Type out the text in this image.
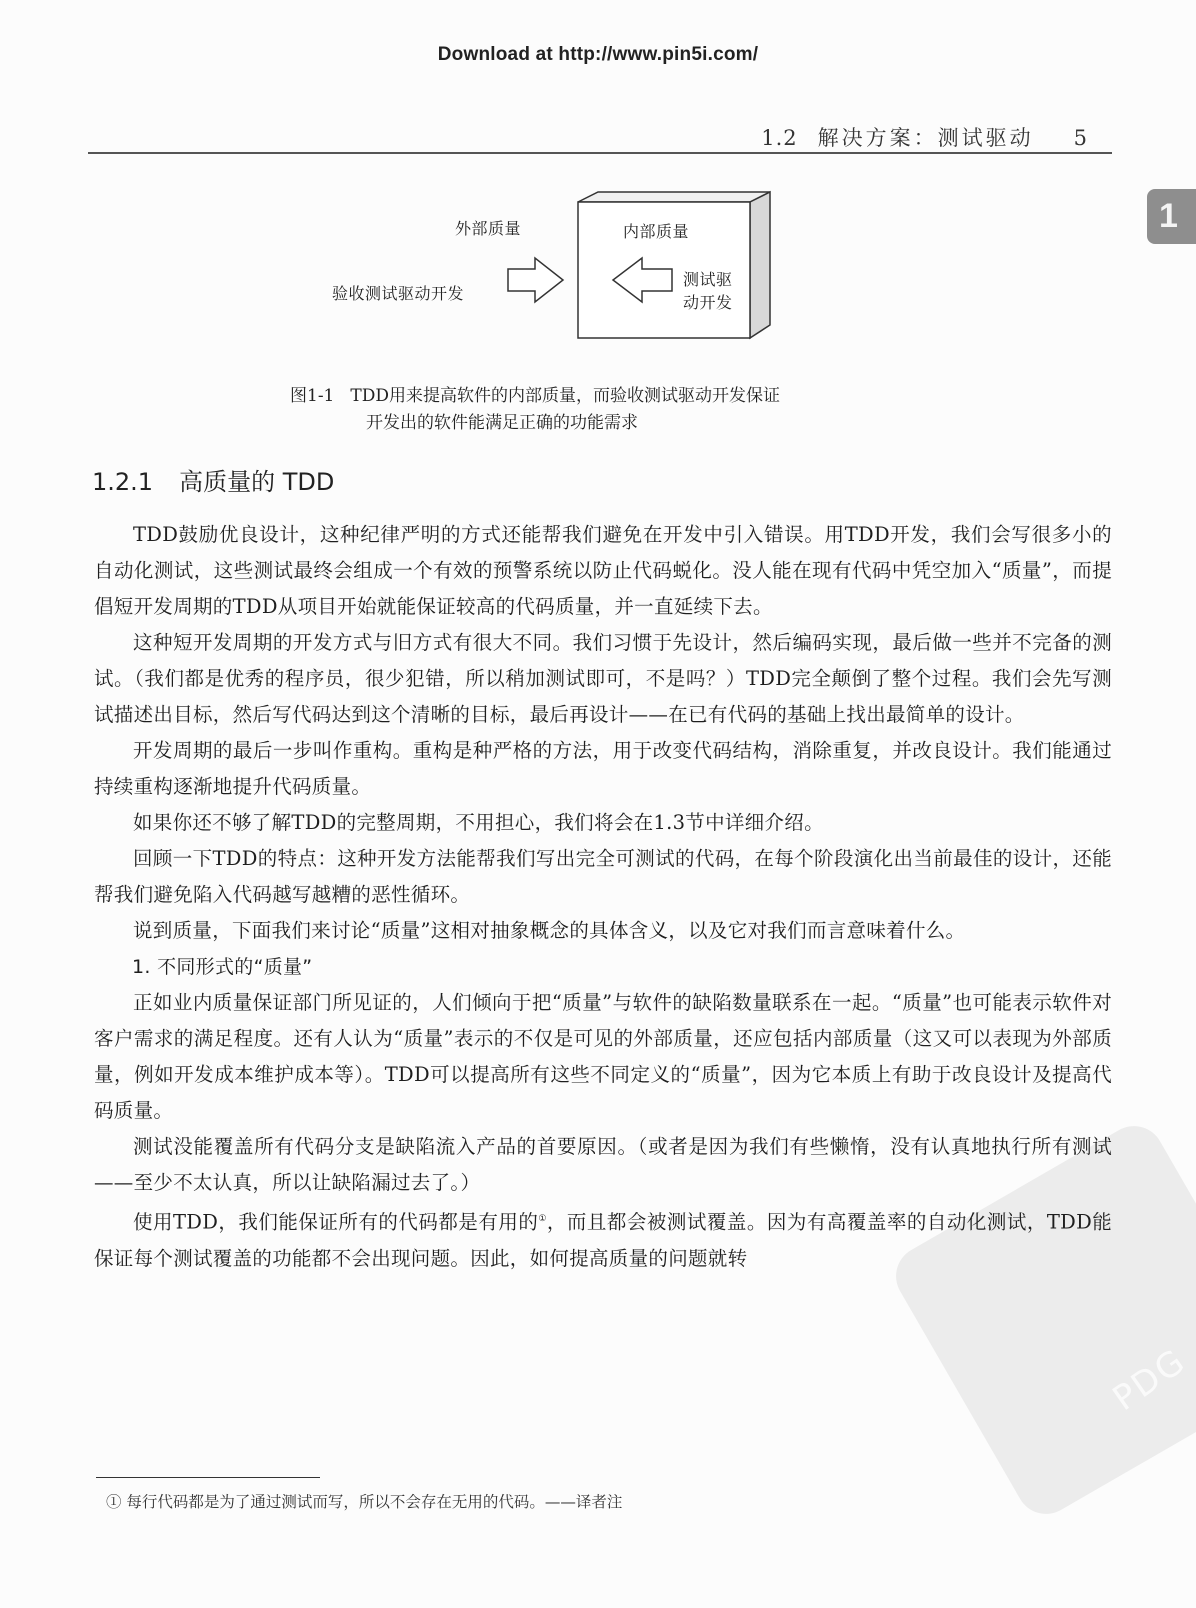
PDG
Download at http://www.pin5i.com/
1.2 解决方案：测试驱动 5
1
外部质量	内部质量
验收测试驱动开发
测试驱
动开发
图1-1 TDD用来提高软件的内部质量，而验收测试驱动开发保证
开发出的软件能满足正确的功能需求
1.2.1 高质量的 TDD

TDD鼓励优良设计，这种纪律严明的方式还能帮我们避免在开发中引入错误。用TDD开发，我们会写很多小的自动化测试，这些测试最终会组成一个有效的预警系统以防止代码蜕化。没人能在现有代码中凭空加入“质量”，而提倡短开发周期的TDD从项目开始就能保证较高的代码质量，并一直延续下去。

这种短开发周期的开发方式与旧方式有很大不同。我们习惯于先设计，然后编码实现，最后做一些并不完备的测试。（我们都是优秀的程序员，很少犯错，所以稍加测试即可，不是吗？）TDD完全颠倒了整个过程。我们会先写测试描述出目标，然后写代码达到这个清晰的目标，最后再设计——在已有代码的基础上找出最简单的设计。

开发周期的最后一步叫作重构。重构是种严格的方法，用于改变代码结构，消除重复，并改良设计。我们能通过持续重构逐渐地提升代码质量。

如果你还不够了解TDD的完整周期，不用担心，我们将会在1.3节中详细介绍。

回顾一下TDD的特点：这种开发方法能帮我们写出完全可测试的代码，在每个阶段演化出当前最佳的设计，还能帮我们避免陷入代码越写越糟的恶性循环。

说到质量，下面我们来讨论“质量”这相对抽象概念的具体含义，以及它对我们而言意味着什么。

1. 不同形式的“质量”

正如业内质量保证部门所见证的，人们倾向于把“质量”与软件的缺陷数量联系在一起。“质量”也可能表示软件对客户需求的满足程度。还有人认为“质量”表示的不仅是可见的外部质量，还应包括内部质量（这又可以表现为外部质量，例如开发成本维护成本等）。TDD可以提高所有这些不同定义的“质量”，因为它本质上有助于改良设计及提高代码质量。

测试没能覆盖所有代码分支是缺陷流入产品的首要原因。（或者是因为我们有些懒惰，没有认真地执行所有测试——至少不太认真，所以让缺陷漏过去了。）

使用TDD，我们能保证所有的代码都是有用的①，而且都会被测试覆盖。因为有高覆盖率的自动化测试，TDD能保证每个测试覆盖的功能都不会出现问题。因此，如何提高质量的问题就转

① 每行代码都是为了通过测试而写，所以不会存在无用的代码。——译者注
